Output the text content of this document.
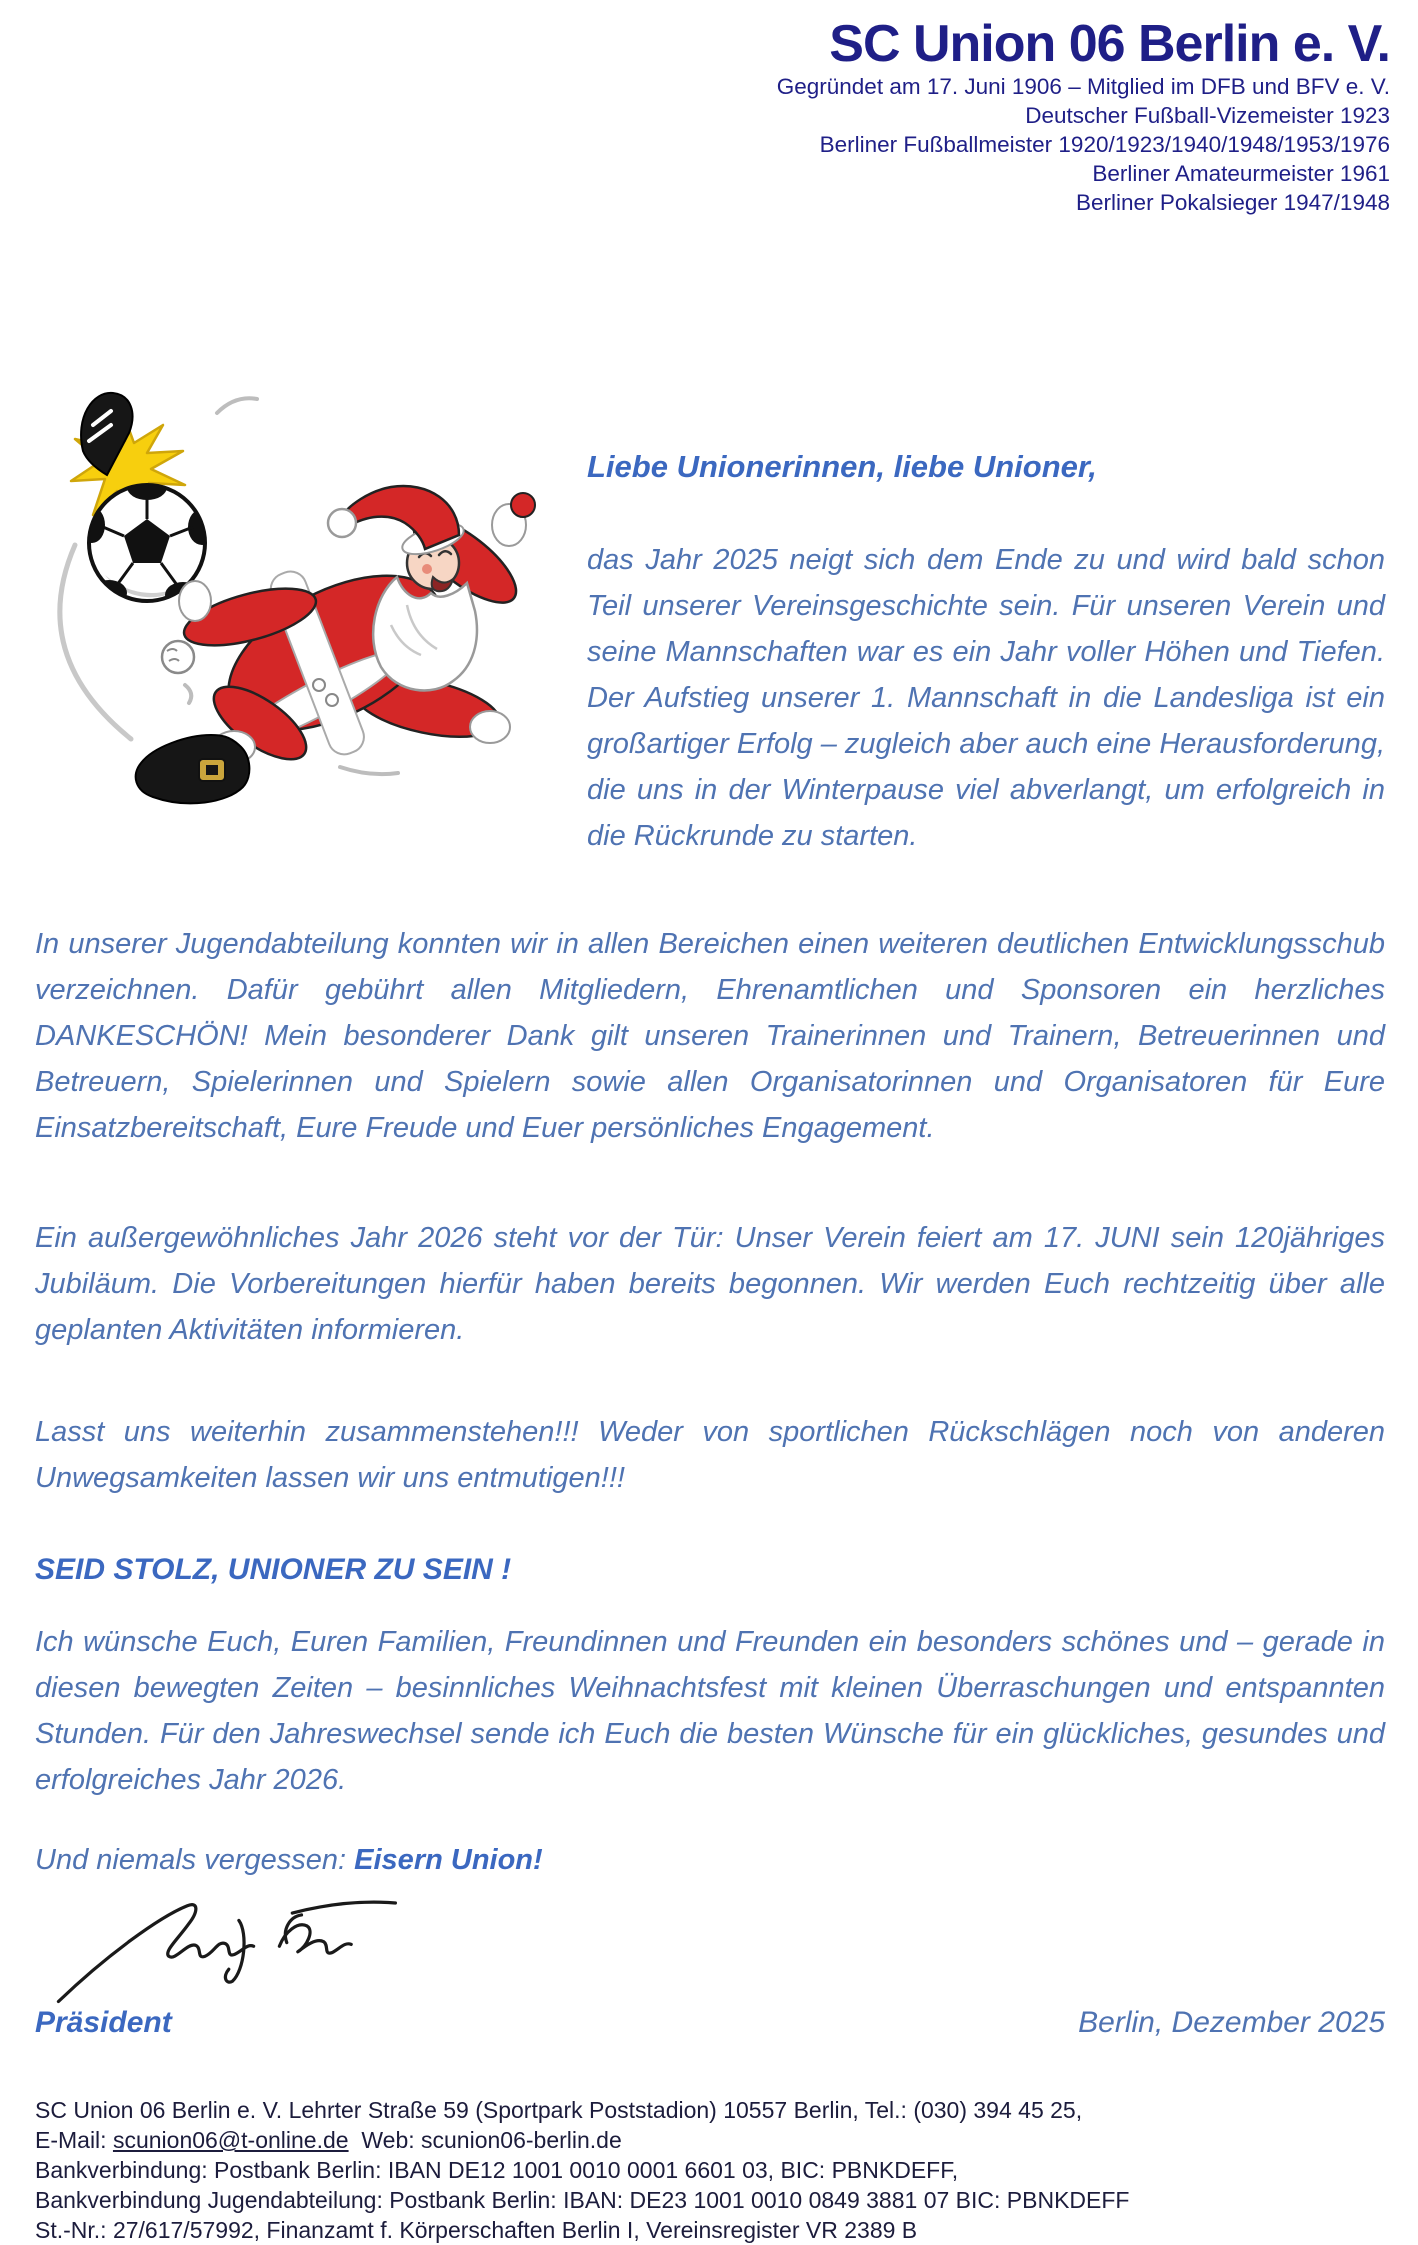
SC Union 06 Berlin e. V.
Gegründet am 17. Juni 1906 – Mitglied im DFB und BFV e. V.
Deutscher Fußball-Vizemeister 1923
Berliner Fußballmeister 1920/1923/1940/1948/1953/1976
Berliner Amateurmeister 1961
Berliner Pokalsieger 1947/1948

Liebe Unionerinnen, liebe Unioner,

das Jahr 2025 neigt sich dem Ende zu und wird bald schon Teil unserer Vereinsgeschichte sein. Für unseren Verein und seine Mannschaften war es ein Jahr voller Höhen und Tiefen. Der Aufstieg unserer 1. Mannschaft in die Landesliga ist ein großartiger Erfolg – zugleich aber auch eine Herausforderung, die uns in der Winterpause viel abverlangt, um erfolgreich in die Rückrunde zu starten.

In unserer Jugendabteilung konnten wir in allen Bereichen einen weiteren deutlichen Entwicklungsschub verzeichnen. Dafür gebührt allen Mitgliedern, Ehrenamtlichen und Sponsoren ein herzliches DANKESCHÖN! Mein besonderer Dank gilt unseren Trainerinnen und Trainern, Betreuerinnen und Betreuern, Spielerinnen und Spielern sowie allen Organisatorinnen und Organisatoren für Eure Einsatzbereitschaft, Eure Freude und Euer persönliches Engagement.

Ein außergewöhnliches Jahr 2026 steht vor der Tür: Unser Verein feiert am 17. JUNI sein 120jähriges Jubiläum. Die Vorbereitungen hierfür haben bereits begonnen. Wir werden Euch rechtzeitig über alle geplanten Aktivitäten informieren.

Lasst uns weiterhin zusammenstehen!!! Weder von sportlichen Rückschlägen noch von anderen Unwegsamkeiten lassen wir uns entmutigen!!!

SEID STOLZ, UNIONER ZU SEIN !

Ich wünsche Euch, Euren Familien, Freundinnen und Freunden ein besonders schönes und – gerade in diesen bewegten Zeiten – besinnliches Weihnachtsfest mit kleinen Überraschungen und entspannten Stunden. Für den Jahreswechsel sende ich Euch die besten Wünsche für ein glückliches, gesundes und erfolgreiches Jahr 2026.

Und niemals vergessen: Eisern Union!

Präsident	Berlin, Dezember 2025
SC Union 06 Berlin e. V. Lehrter Straße 59 (Sportpark Poststadion) 10557 Berlin, Tel.: (030) 394 45 25,
E-Mail: scunion06@t-online.de  Web: scunion06-berlin.de
Bankverbindung: Postbank Berlin: IBAN DE12 1001 0010 0001 6601 03, BIC: PBNKDEFF,
Bankverbindung Jugendabteilung: Postbank Berlin: IBAN: DE23 1001 0010 0849 3881 07 BIC: PBNKDEFF
St.-Nr.: 27/617/57992, Finanzamt f. Körperschaften Berlin I, Vereinsregister VR 2389 B
